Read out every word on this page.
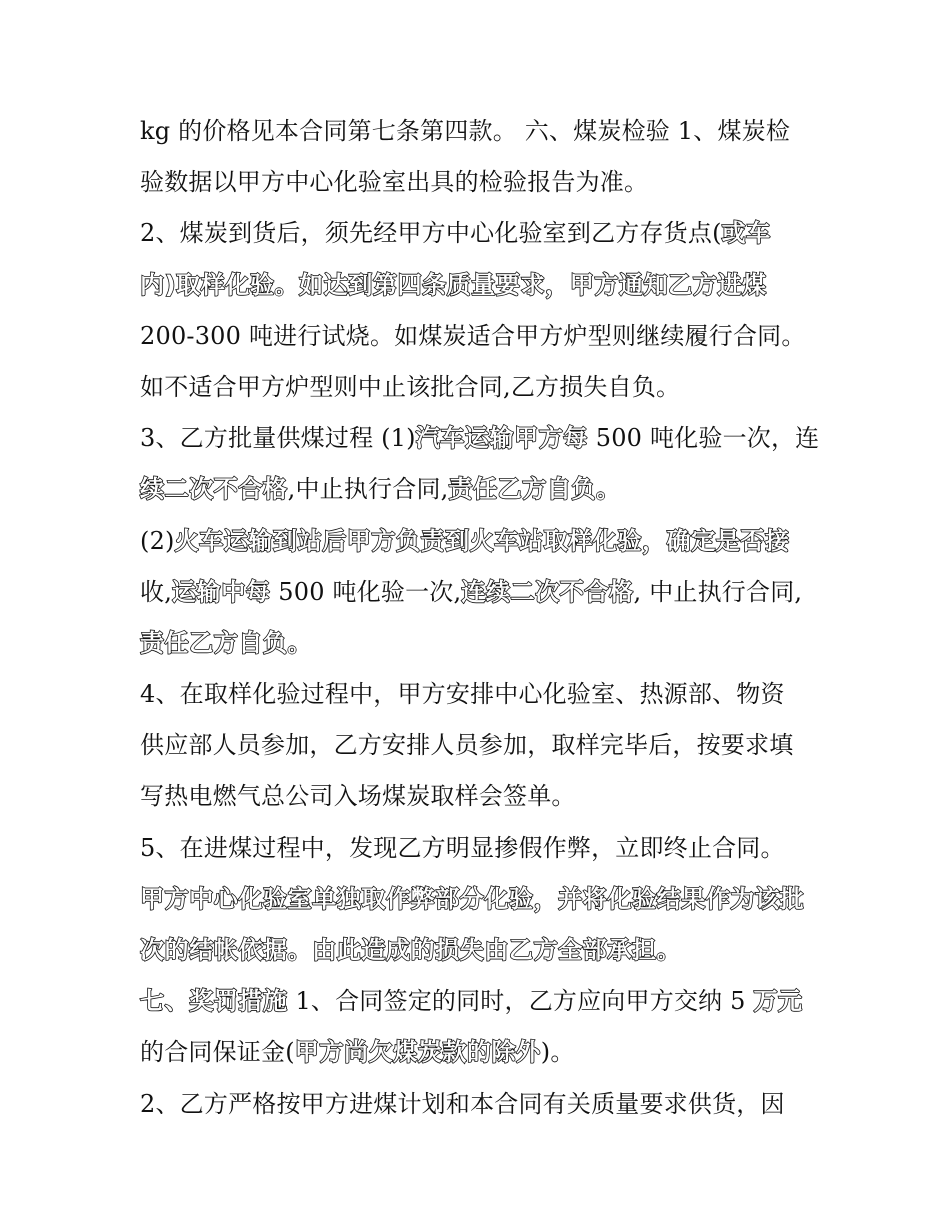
kg 的价格见本合同第七条第四款。 六、煤炭检验 1、煤炭检
验数据以甲方中心化验室出具的检验报告为准。
2、煤炭到货后，须先经甲方中心化验室到乙方存货点(或车
内)取样化验。如达到第四条质量要求，甲方通知乙方进煤
200-300 吨进行试烧。如煤炭适合甲方炉型则继续履行合同。
如不适合甲方炉型则中止该批合同,乙方损失自负。
3、乙方批量供煤过程 (1)汽车运输甲方每 500 吨化验一次，连
续二次不合格,中止执行合同,责任乙方自负。
(2)火车运输到站后甲方负责到火车站取样化验，确定是否接
收,运输中每 500 吨化验一次,连续二次不合格, 中止执行合同,
责任乙方自负。
4、在取样化验过程中，甲方安排中心化验室、热源部、物资
供应部人员参加，乙方安排人员参加，取样完毕后，按要求填
写热电燃气总公司入场煤炭取样会签单。
5、在进煤过程中，发现乙方明显掺假作弊，立即终止合同。
甲方中心化验室单独取作弊部分化验，并将化验结果作为该批
次的结帐依据。由此造成的损失由乙方全部承担。
七、奖罚措施 1、合同签定的同时，乙方应向甲方交纳 5 万元
的合同保证金(甲方尚欠煤炭款的除外)。
2、乙方严格按甲方进煤计划和本合同有关质量要求供货，因
